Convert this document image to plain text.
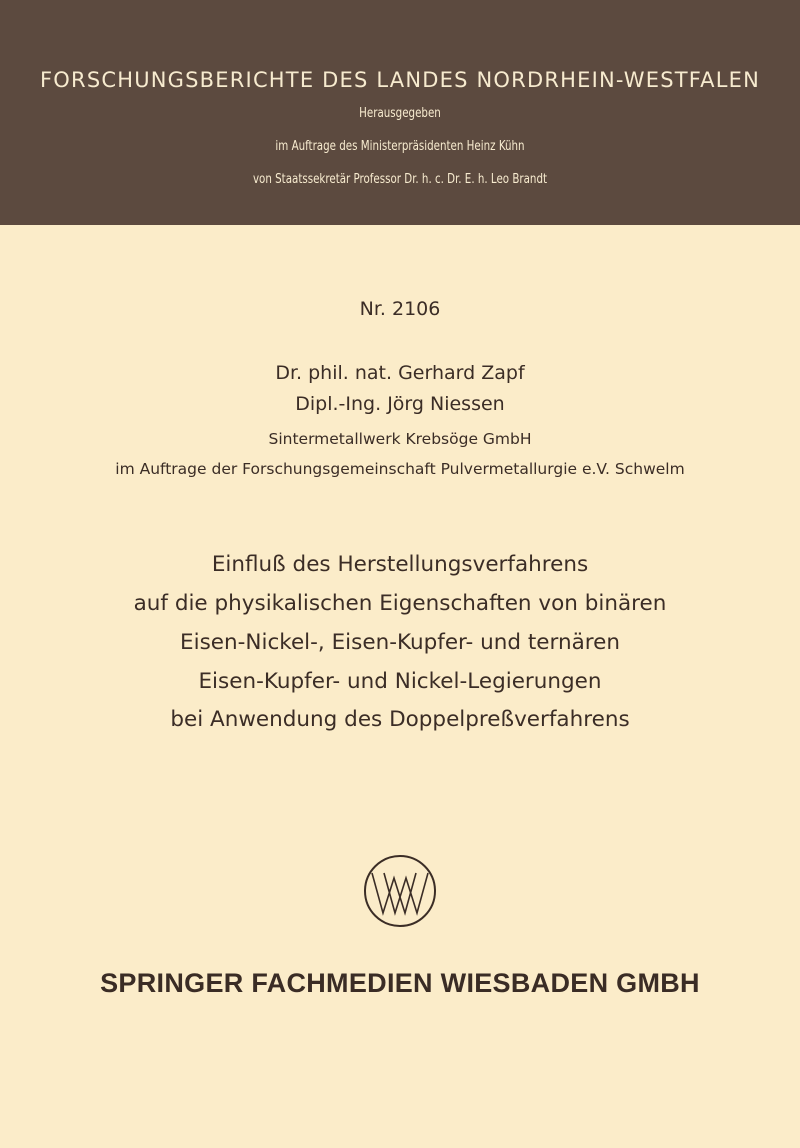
FORSCHUNGSBERICHTE DES LANDES NORDRHEIN-WESTFALEN
Herausgegeben
im Auftrage des Ministerpräsidenten Heinz Kühn
von Staatssekretär Professor Dr. h. c. Dr. E. h. Leo Brandt
Nr. 2106
Dr. phil. nat. Gerhard Zapf
Dipl.-Ing. Jörg Niessen
Sintermetallwerk Krebsöge GmbH
im Auftrage der Forschungsgemeinschaft Pulvermetallurgie e.V. Schwelm
Einfluß des Herstellungsverfahrens
auf die physikalischen Eigenschaften von binären
Eisen-Nickel-, Eisen-Kupfer- und ternären
Eisen-Kupfer- und Nickel-Legierungen
bei Anwendung des Doppelpreßverfahrens
SPRINGER FACHMEDIEN WIESBADEN GMBH
